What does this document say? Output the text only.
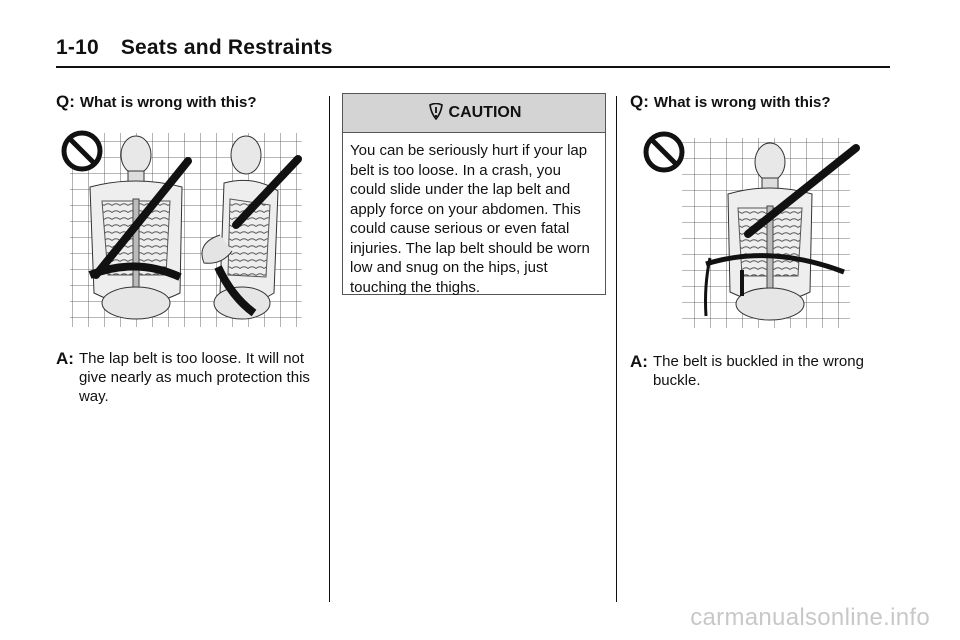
1-10 Seats and Restraints
Q: What is wrong with this?
A: The lap belt is too loose. It will not give nearly as much protection this way.
CAUTION
You can be seriously hurt if your lap belt is too loose. In a crash, you could slide under the lap belt and apply force on your abdomen. This could cause serious or even fatal injuries. The lap belt should be worn low and snug on the hips, just touching the thighs.
Q: What is wrong with this?
A: The belt is buckled in the wrong buckle.
carmanualsonline.info
